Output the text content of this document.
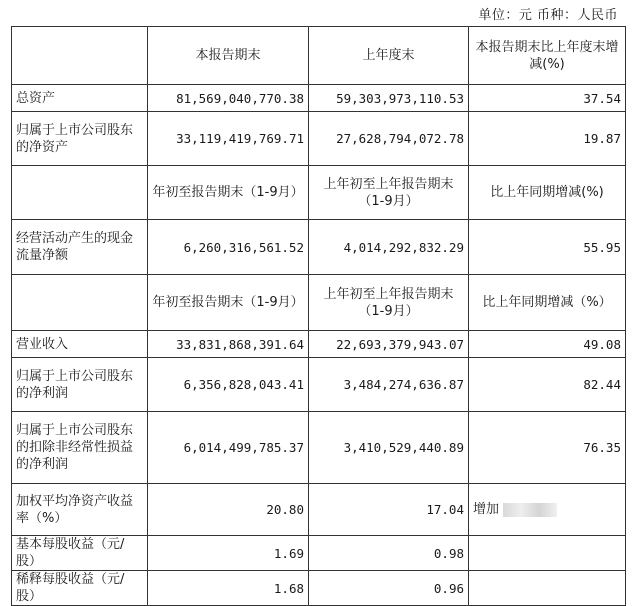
单位：元 币种：人民币
	本报告期末	上年度末	本报告期末比上年度末增减(%)
总资产	81,569,040,770.38	59,303,973,110.53	37.54
归属于上市公司股东的净资产	33,119,419,769.71	27,628,794,072.78	19.87
	年初至报告期末（1-9月）	上年初至上年报告期末（1-9月）	比上年同期增减(%)
经营活动产生的现金流量净额	6,260,316,561.52	4,014,292,832.29	55.95
	年初至报告期末（1-9月）	上年初至上年报告期末（1-9月）	比上年同期增减（%）
营业收入	33,831,868,391.64	22,693,379,943.07	49.08
归属于上市公司股东的净利润	6,356,828,043.41	3,484,274,636.87	82.44
归属于上市公司股东的扣除非经常性损益的净利润	6,014,499,785.37	3,410,529,440.89	76.35
加权平均净资产收益率（%）	20.80	17.04	增加
基本每股收益（元/股）	1.69	0.98	
稀释每股收益（元/股）	1.68	0.96	
